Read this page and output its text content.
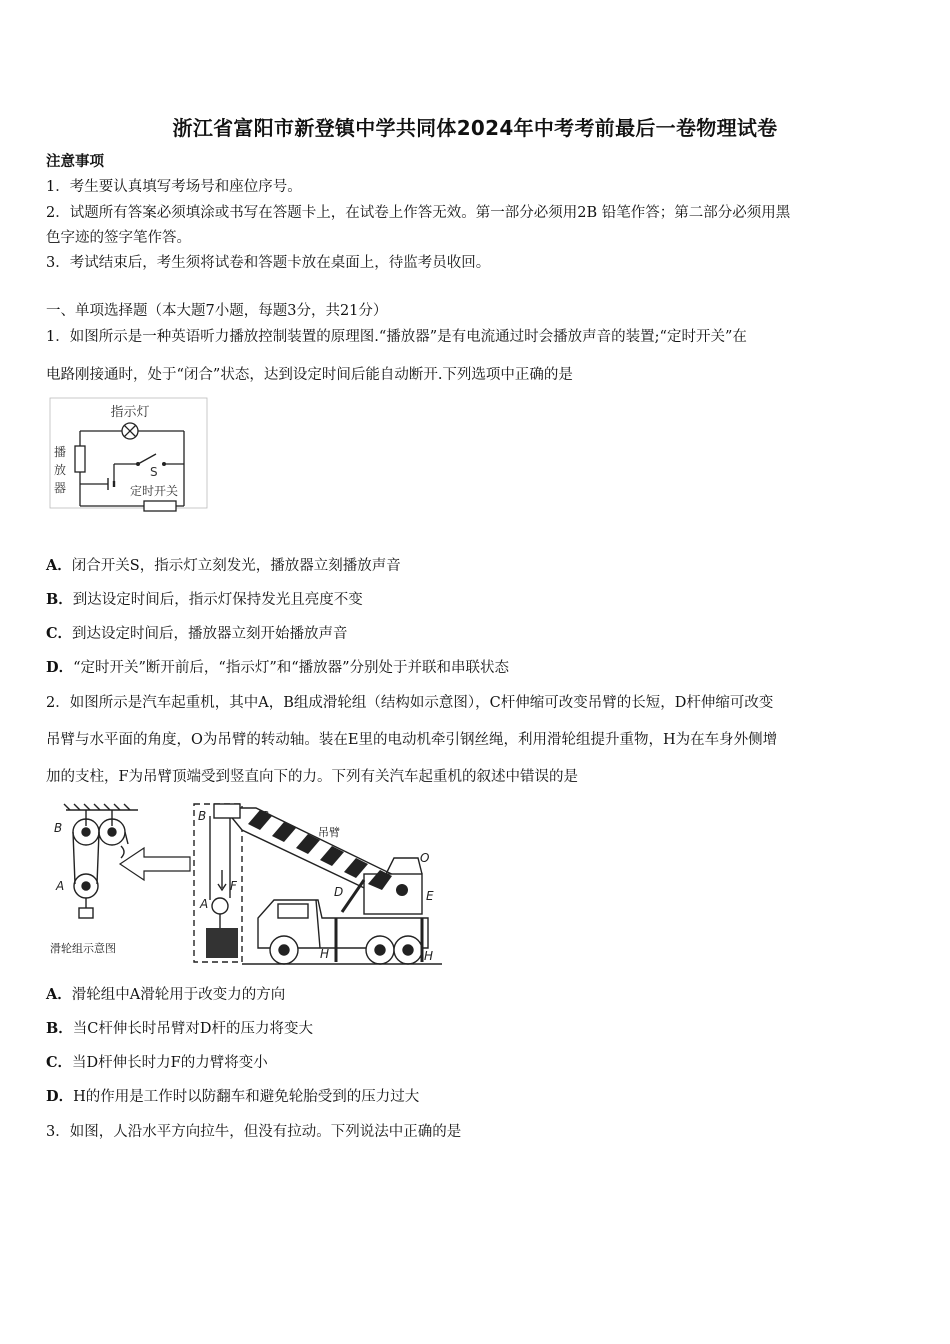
浙江省富阳市新登镇中学共同体2024年中考考前最后一卷物理试卷
注意事项
1．考生要认真填写考场号和座位序号。
2．试题所有答案必须填涂或书写在答题卡上，在试卷上作答无效。第一部分必须用2B 铅笔作答；第二部分必须用黑
色字迹的签字笔作答。
3．考试结束后，考生须将试卷和答题卡放在桌面上，待监考员收回。
一、单项选择题（本大题7小题，每题3分，共21分）
1．如图所示是一种英语听力播放控制装置的原理图.“播放器”是有电流通过时会播放声音的装置;“定时开关”在
电路刚接通时，处于“闭合”状态，达到设定时间后能自动断开.下列选项中正确的是
指示灯
播
放
器
S
定时开关
A．闭合开关S，指示灯立刻发光，播放器立刻播放声音
B．到达设定时间后，指示灯保持发光且亮度不变
C．到达设定时间后，播放器立刻开始播放声音
D．“定时开关”断开前后，“指示灯”和“播放器”分别处于并联和串联状态
2．如图所示是汽车起重机，其中A，B组成滑轮组（结构如示意图），C杆伸缩可改变吊臂的长短，D杆伸缩可改变
吊臂与水平面的角度，O为吊臂的转动轴。装在E里的电动机牵引钢丝绳，利用滑轮组提升重物，H为在车身外侧增
加的支柱，F为吊臂顶端受到竖直向下的力。下列有关汽车起重机的叙述中错误的是
B
A
B
A
F
C
D
O
E
H	H
吊臂
滑轮组示意图
A．滑轮组中A滑轮用于改变力的方向
B．当C杆伸长时吊臂对D杆的压力将变大
C．当D杆伸长时力F的力臂将变小
D．H的作用是工作时以防翻车和避免轮胎受到的压力过大
3．如图，人沿水平方向拉牛，但没有拉动。下列说法中正确的是
